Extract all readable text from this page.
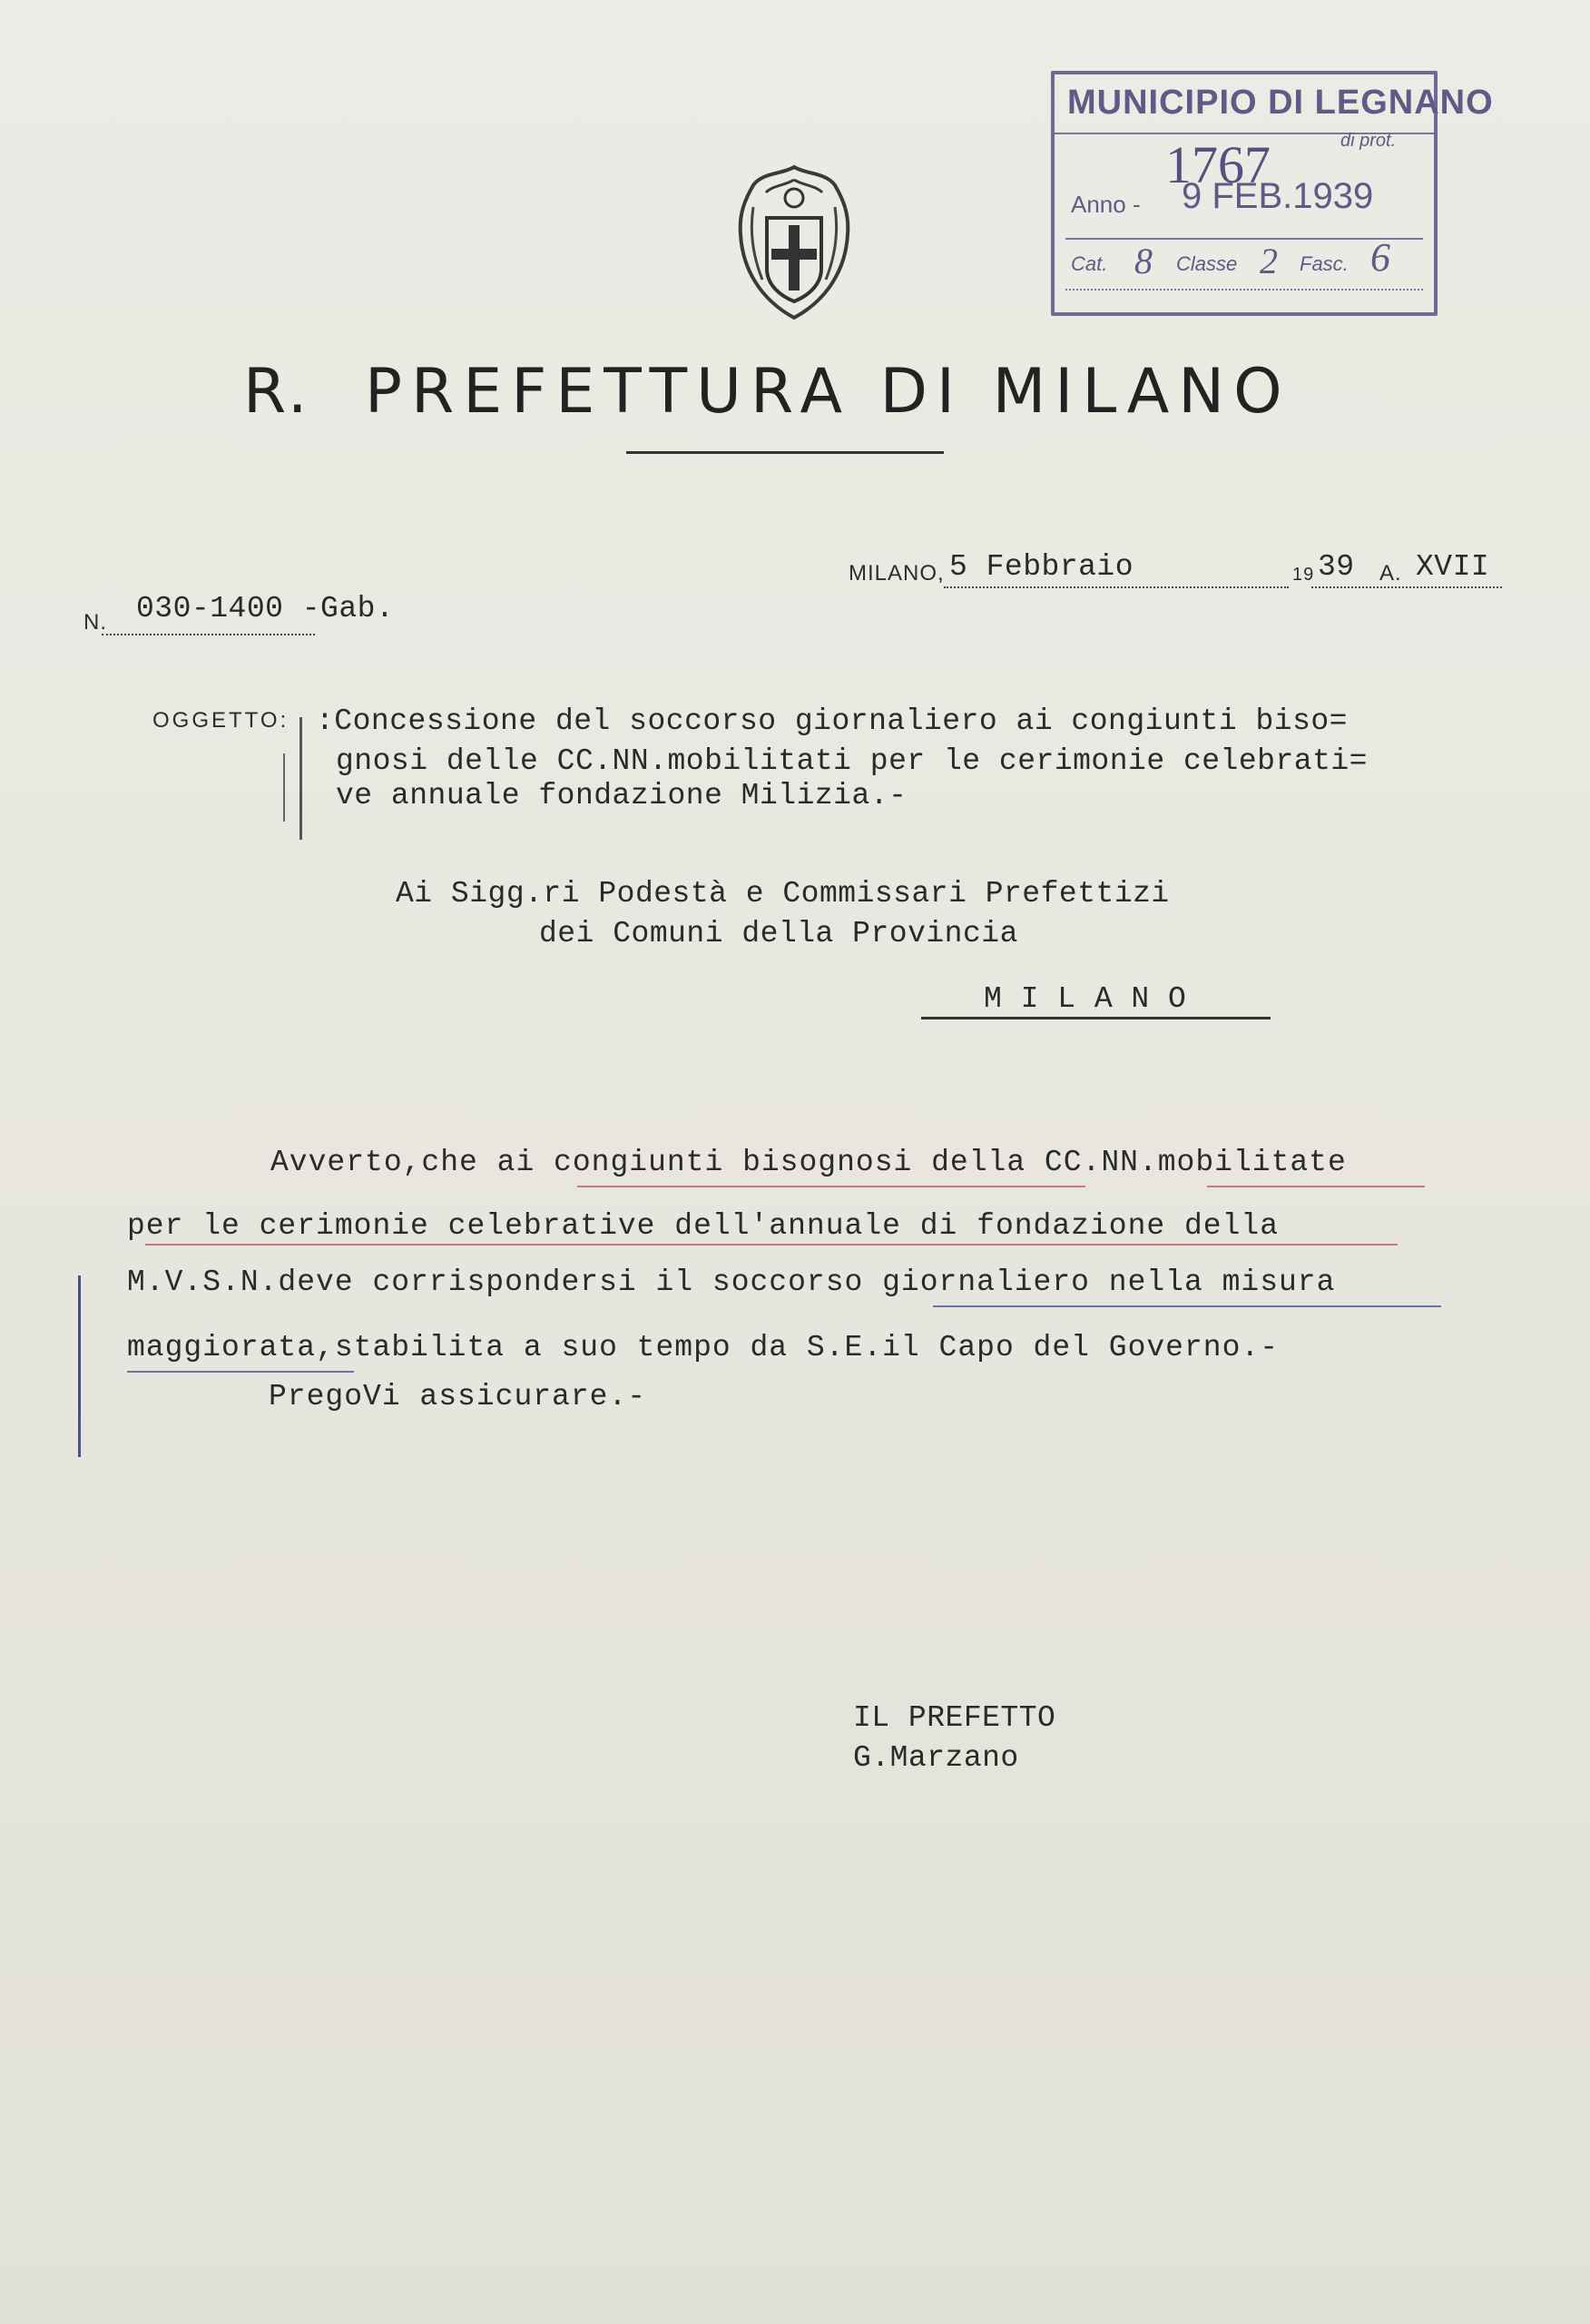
MUNICIPIO DI LEGNANO
di prot.
1767
Anno - 9 FEB.1939
Cat. 8 Classe 2 Fasc. 6
R. PREFETTURA DI MILANO
MILANO, 5 Febbraio	19 39 A. XVII
N. 030-1400 -Gab.
OGGETTO: :Concessione del soccorso giornaliero ai congiunti biso=
gnosi delle CC.NN.mobilitati per le cerimonie celebrati=
ve annuale fondazione Milizia.-
Ai Sigg.ri Podestà e Commissari Prefettizi
dei Comuni della Provincia
M I L A N O
Avverto,che ai congiunti bisognosi della CC.NN.mobilitate
per le cerimonie celebrative dell'annuale di fondazione della
M.V.S.N.deve corrispondersi il soccorso giornaliero nella misura
maggiorata,stabilita a suo tempo da S.E.il Capo del Governo.-
PregoVi assicurare.-
IL PREFETTO
G.Marzano
